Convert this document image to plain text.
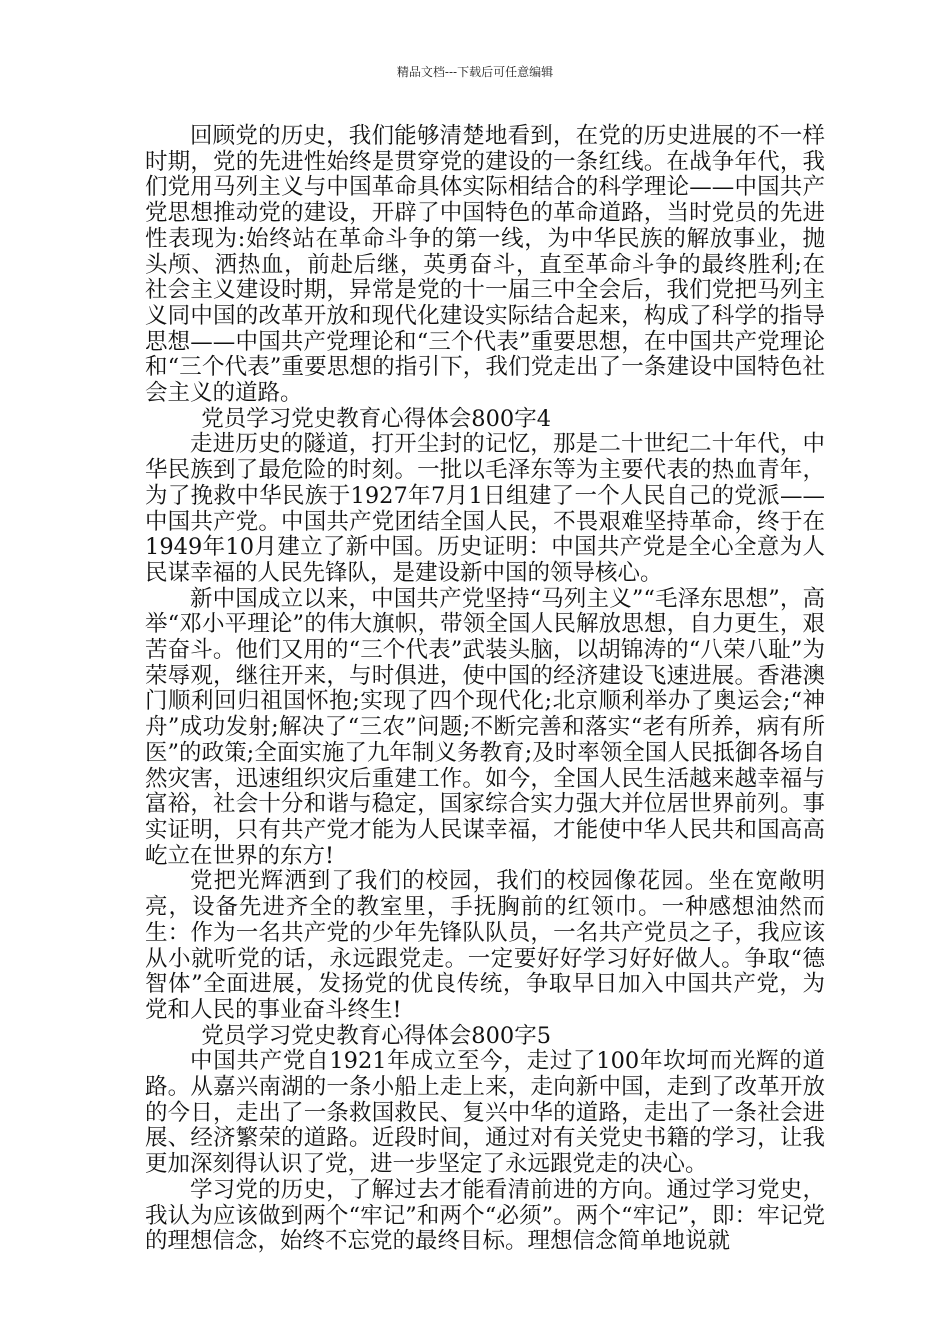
精品文档---下载后可任意编辑

回顾党的历史，我们能够清楚地看到，在党的历史进展的不一样时期，党的先进性始终是贯穿党的建设的一条红线。在战争年代，我们党用马列主义与中国革命具体实际相结合的科学理论——中国共产党思想推动党的建设，开辟了中国特色的革命道路，当时党员的先进性表现为:始终站在革命斗争的第一线，为中华民族的解放事业，抛头颅、洒热血，前赴后继，英勇奋斗，直至革命斗争的最终胜利;在社会主义建设时期，异常是党的十一届三中全会后，我们党把马列主义同中国的改革开放和现代化建设实际结合起来，构成了科学的指导思想——中国共产党理论和“三个代表”重要思想，在中国共产党理论和“三个代表”重要思想的指引下，我们党走出了一条建设中国特色社会主义的道路。

党员学习党史教育心得体会800字4

走进历史的隧道，打开尘封的记忆，那是二十世纪二十年代，中华民族到了最危险的时刻。一批以毛泽东等为主要代表的热血青年，为了挽救中华民族于1927年7月1日组建了一个人民自己的党派——中国共产党。中国共产党团结全国人民，不畏艰难坚持革命，终于在1949年10月建立了新中国。历史证明：中国共产党是全心全意为人民谋幸福的人民先锋队，是建设新中国的领导核心。

新中国成立以来，中国共产党坚持“马列主义”“毛泽东思想”，高举“邓小平理论”的伟大旗帜，带领全国人民解放思想，自力更生，艰苦奋斗。他们又用的“三个代表”武装头脑，以胡锦涛的“八荣八耻”为荣辱观，继往开来，与时俱进，使中国的经济建设飞速进展。香港澳门顺利回归祖国怀抱;实现了四个现代化;北京顺利举办了奥运会;“神舟”成功发射;解决了“三农”问题;不断完善和落实“老有所养，病有所医”的政策;全面实施了九年制义务教育;及时率领全国人民抵御各场自然灾害，迅速组织灾后重建工作。如今，全国人民生活越来越幸福与富裕，社会十分和谐与稳定，国家综合实力强大并位居世界前列。事实证明，只有共产党才能为人民谋幸福，才能使中华人民共和国高高屹立在世界的东方!

党把光辉洒到了我们的校园，我们的校园像花园。坐在宽敞明亮，设备先进齐全的教室里，手抚胸前的红领巾。一种感想油然而生：作为一名共产党的少年先锋队队员，一名共产党员之子，我应该从小就听党的话，永远跟党走。一定要好好学习好好做人。争取“德智体”全面进展，发扬党的优良传统，争取早日加入中国共产党，为党和人民的事业奋斗终生!

党员学习党史教育心得体会800字5

中国共产党自1921年成立至今，走过了100年坎坷而光辉的道路。从嘉兴南湖的一条小船上走上来，走向新中国，走到了改革开放的今日，走出了一条救国救民、复兴中华的道路，走出了一条社会进展、经济繁荣的道路。近段时间，通过对有关党史书籍的学习，让我更加深刻得认识了党，进一步坚定了永远跟党走的决心。

学习党的历史，了解过去才能看清前进的方向。通过学习党史，我认为应该做到两个“牢记”和两个“必须”。两个“牢记”，即：牢记党的理想信念，始终不忘党的最终目标。理想信念简单地说就
